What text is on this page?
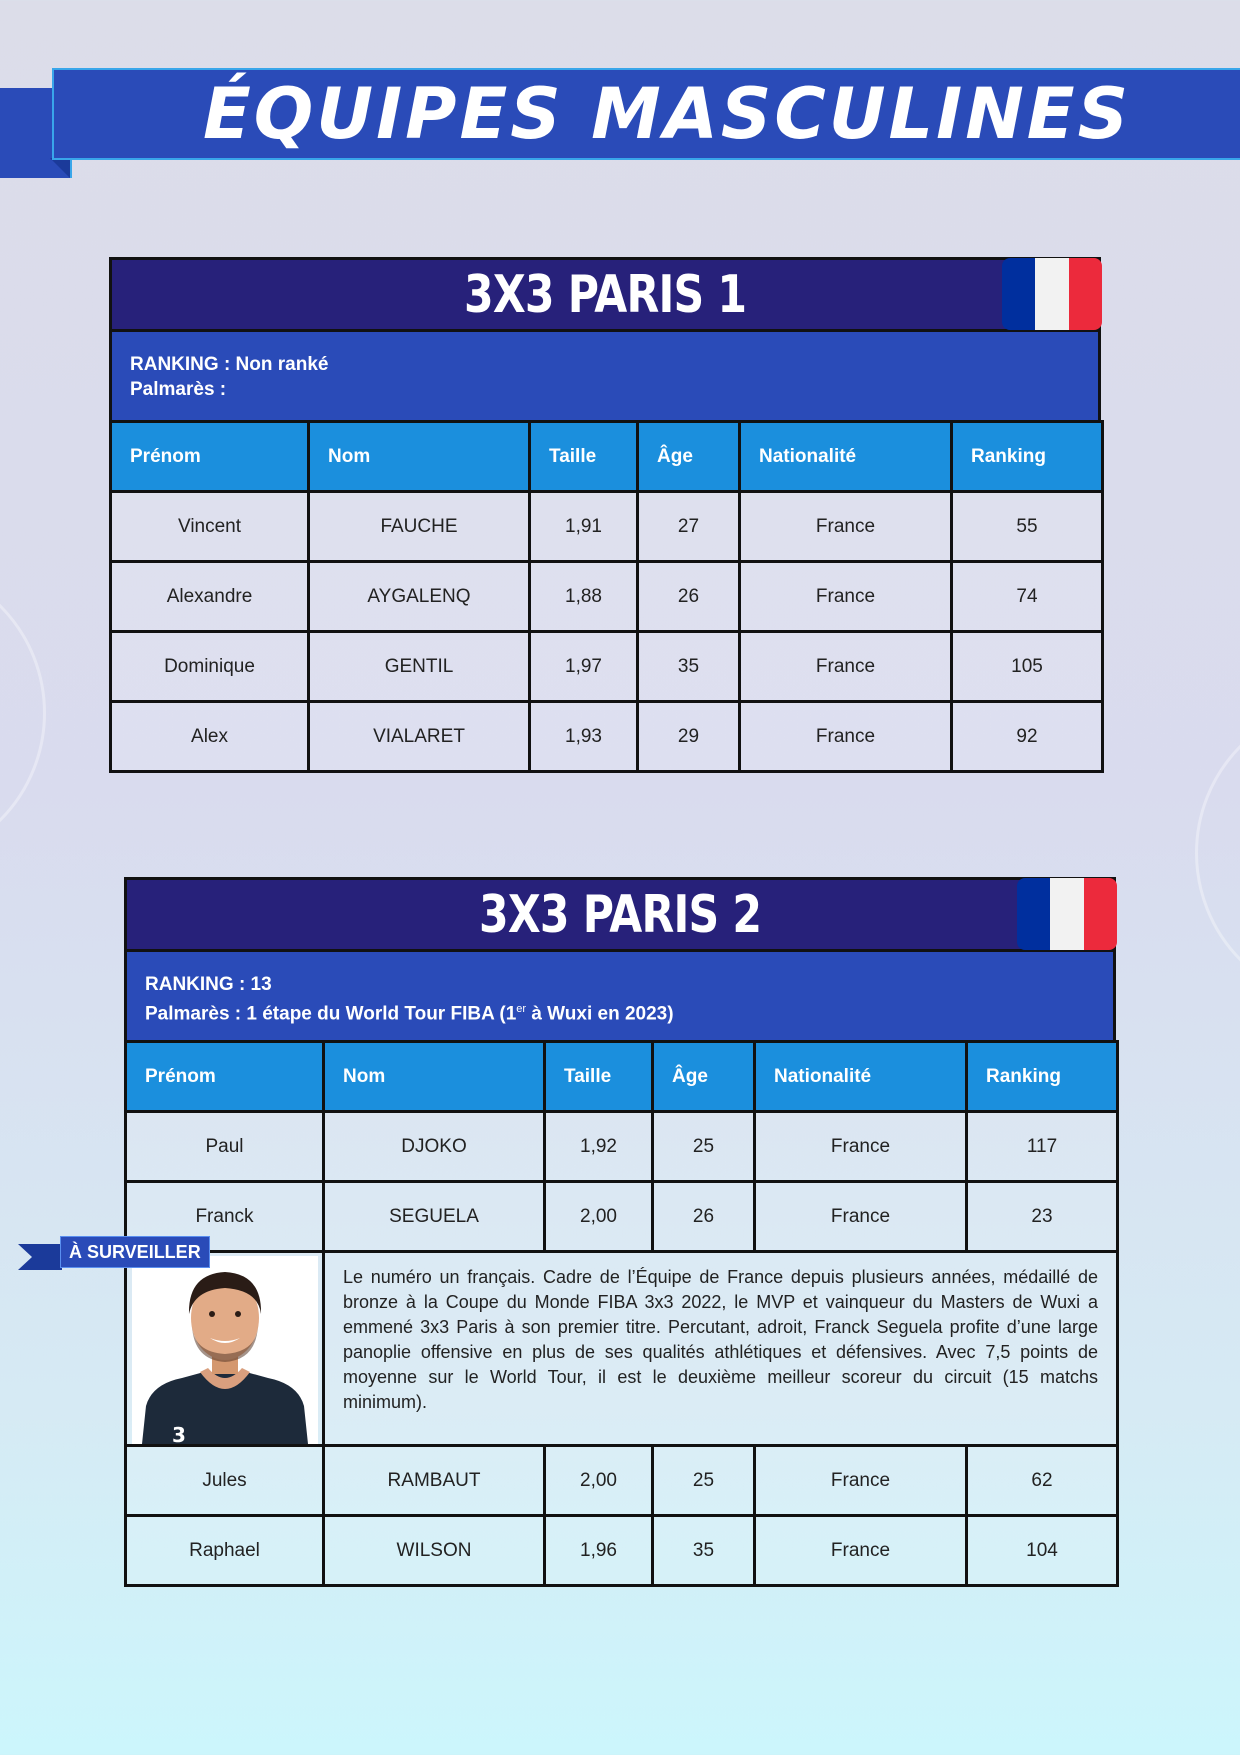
ÉQUIPES MASCULINES
3X3 PARIS 1
RANKING : Non ranké
Palmarès :
Prénom	Nom	Taille	Âge	Nationalité	Ranking
Vincent	FAUCHE	1,91	27	France	55
Alexandre	AYGALENQ	1,88	26	France	74
Dominique	GENTIL	1,97	35	France	105
Alex	VIALARET	1,93	29	France	92
3X3 PARIS 2
RANKING : 13
Palmarès : 1 étape du World Tour FIBA (1er à Wuxi en 2023)
Prénom	Nom	Taille	Âge	Nationalité	Ranking
Paul	DJOKO	1,92	25	France	117
Franck	SEGUELA	2,00	26	France	23

3	Le numéro un français. Cadre de l’Équipe de France depuis plusieurs années, médaillé de bronze à la Coupe du Monde FIBA 3x3 2022, le MVP et vainqueur du Masters de Wuxi a emmené 3x3 Paris à son premier titre. Percutant, adroit, Franck Seguela profite d’une large panoplie offensive en plus de ses qualités athlétiques et défensives. Avec 7,5 points de moyenne sur le World Tour, il est le deuxième meilleur scoreur du circuit (15 matchs minimum).				
Jules	RAMBAUT	2,00	25	France	62
Raphael	WILSON	1,96	35	France	104
À SURVEILLER
